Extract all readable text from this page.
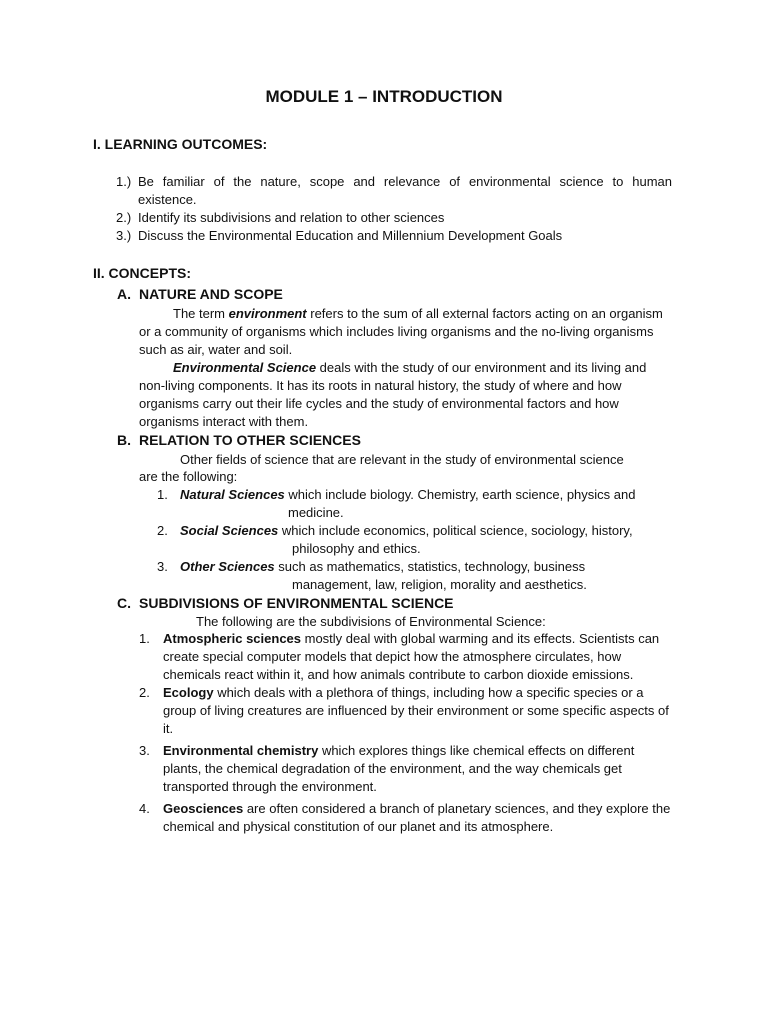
MODULE 1 – INTRODUCTION
I. LEARNING OUTCOMES:
1.) Be familiar of the nature, scope and relevance of environmental science to human
existence.
2.) Identify its subdivisions and relation to other sciences
3.) Discuss the Environmental Education and Millennium Development Goals
II. CONCEPTS:
A. NATURE AND SCOPE

The term environment refers to the sum of all external factors acting on an organism or a community of organisms which includes living organisms and the no-living organisms such as air, water and soil.

Environmental Science deals with the study of our environment and its living and non-living components. It has its roots in natural history, the study of where and how organisms carry out their life cycles and the study of environmental factors and how organisms interact with them.

B. RELATION TO OTHER SCIENCES
Other fields of science that are relevant in the study of environmental science
are the following:
1. Natural Sciences which include biology. Chemistry, earth science, physics and
medicine.
2. Social Sciences which include economics, political science, sociology, history,
philosophy and ethics.
3. Other Sciences such as mathematics, statistics, technology, business
management, law, religion, morality and aesthetics.
C. SUBDIVISIONS OF ENVIRONMENTAL SCIENCE
The following are the subdivisions of Environmental Science:
1. Atmospheric sciences mostly deal with global warming and its effects. Scientists can create special computer models that depict how the atmosphere circulates, how chemicals react within it, and how animals contribute to carbon dioxide emissions.

2. Ecology which deals with a plethora of things, including how a specific species or a group of living creatures are influenced by their environment or some specific aspects of it.

3. Environmental chemistry which explores things like chemical effects on different plants, the chemical degradation of the environment, and the way chemicals get transported through the environment.

4. Geosciences are often considered a branch of planetary sciences, and they explore the chemical and physical constitution of our planet and its atmosphere.
